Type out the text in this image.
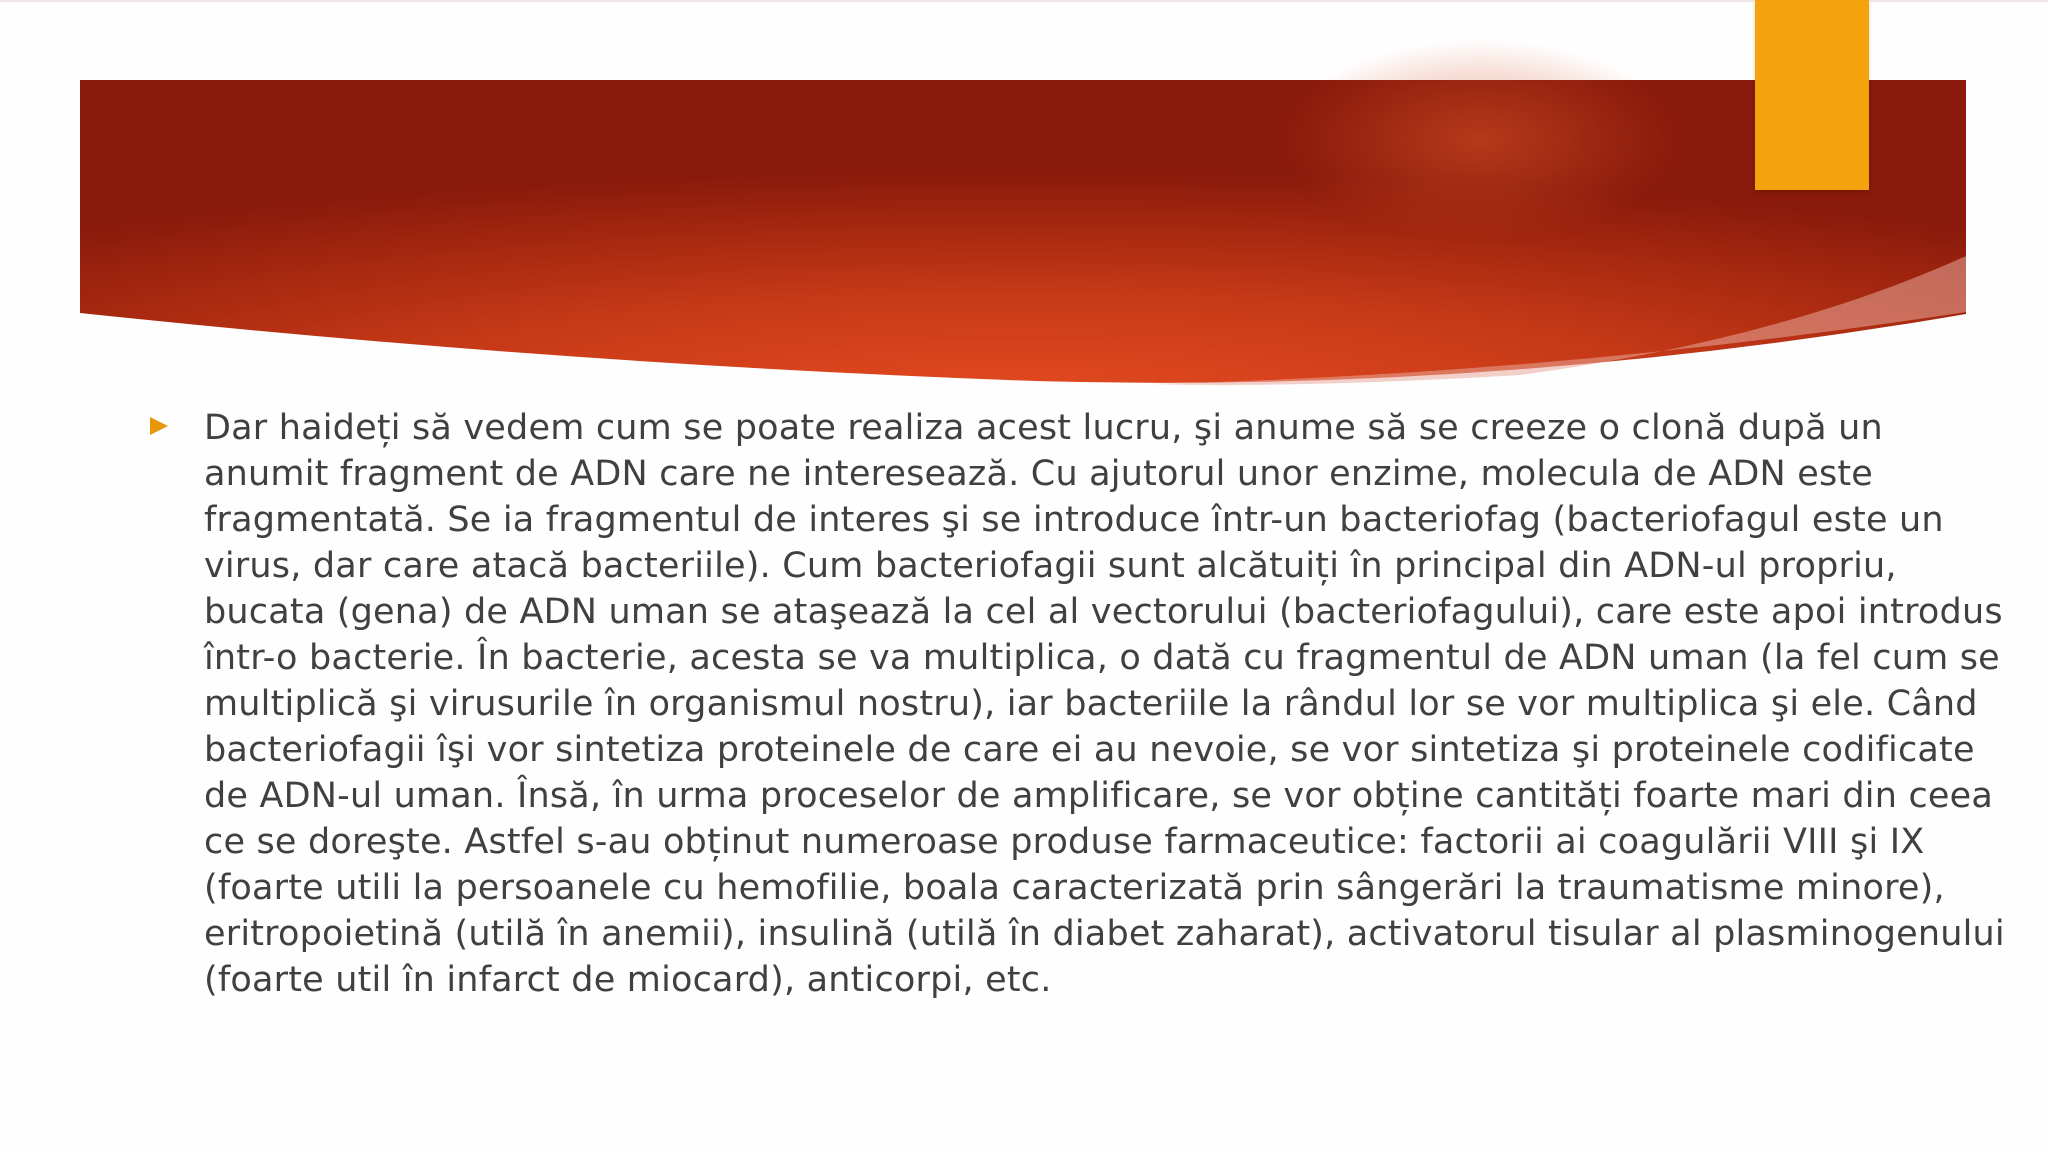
Dar haideți să vedem cum se poate realiza acest lucru, şi anume să se creeze o clonă după un anumit fragment de ADN care ne interesează. Cu ajutorul unor enzime, molecula de ADN este fragmentată. Se ia fragmentul de interes şi se introduce într-un bacteriofag (bacteriofagul este un virus, dar care atacă bacteriile). Cum bacteriofagii sunt alcătuiți în principal din ADN-ul propriu, bucata (gena) de ADN uman se ataşează la cel al vectorului (bacteriofagului), care este apoi introdus într-o bacterie. În bacterie, acesta se va multiplica, o dată cu fragmentul de ADN uman (la fel cum se multiplică şi virusurile în organismul nostru), iar bacteriile la rândul lor se vor multiplica şi ele. Când bacteriofagii îşi vor sintetiza proteinele de care ei au nevoie, se vor sintetiza şi proteinele codificate de ADN-ul uman. Însă, în urma proceselor de amplificare, se vor obține cantități foarte mari din ceea ce se doreşte. Astfel s-au obținut numeroase produse farmaceutice: factorii ai coagulării VIII şi IX (foarte utili la persoanele cu hemofilie, boala caracterizată prin sângerări la traumatisme minore), eritropoietină (utilă în anemii), insulină (utilă în diabet zaharat), activatorul tisular al plasminogenului (foarte util în infarct de miocard), anticorpi, etc.
